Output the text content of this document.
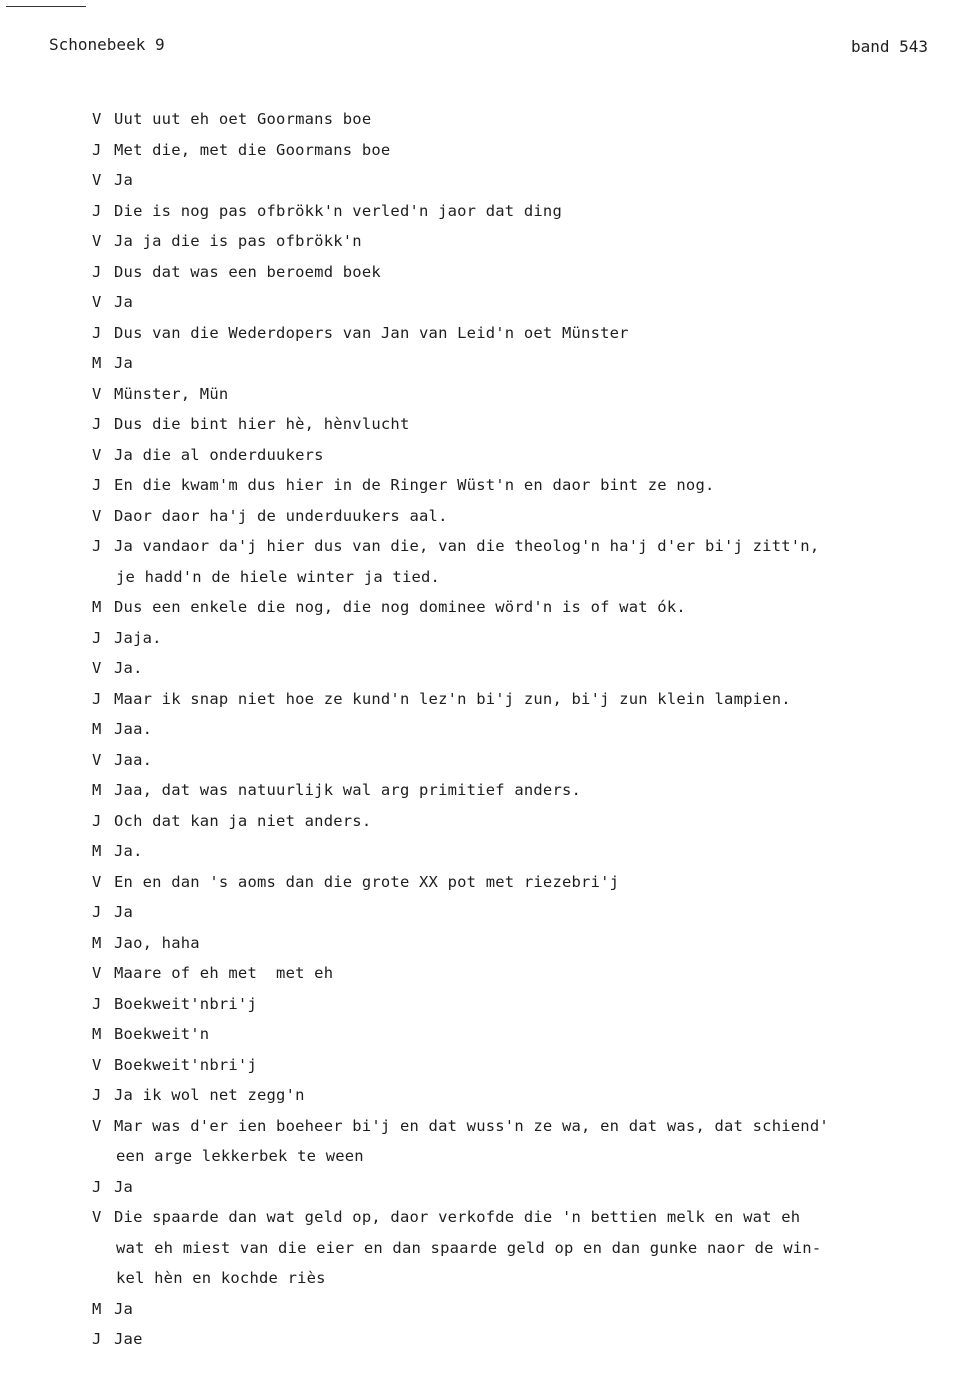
Schonebeek 9	band 543
V Uut uut eh oet Goormans boe
J Met die, met die Goormans boe
V Ja
J Die is nog pas ofbrökk'n verled'n jaor dat ding
V Ja ja die is pas ofbrökk'n
J Dus dat was een beroemd boek
V Ja
J Dus van die Wederdopers van Jan van Leid'n oet Münster
M Ja
V Münster, Mün
J Dus die bint hier hè, hènvlucht
V Ja die al onderduukers
J En die kwam'm dus hier in de Ringer Wüst'n en daor bint ze nog.
V Daor daor ha'j de underduukers aal.
J Ja vandaor da'j hier dus van die, van die theolog'n ha'j d'er bi'j zitt'n,
je hadd'n de hiele winter ja tied.
M Dus een enkele die nog, die nog dominee wörd'n is of wat ók.
J Jaja.
V Ja.
J Maar ik snap niet hoe ze kund'n lez'n bi'j zun, bi'j zun klein lampien.
M Jaa.
V Jaa.
M Jaa, dat was natuurlijk wal arg primitief anders.
J Och dat kan ja niet anders.
M Ja.
V En en dan 's aoms dan die grote XX pot met riezebri'j
J Ja
M Jao, haha
V Maare of eh met  met eh
J Boekweit'nbri'j
M Boekweit'n
V Boekweit'nbri'j
J Ja ik wol net zegg'n
V Mar was d'er ien boeheer bi'j en dat wuss'n ze wa, en dat was, dat schiend'
een arge lekkerbek te ween
J Ja
V Die spaarde dan wat geld op, daor verkofde die 'n bettien melk en wat eh
wat eh miest van die eier en dan spaarde geld op en dan gunke naor de win-
kel hèn en kochde riès
M Ja
J Jae
